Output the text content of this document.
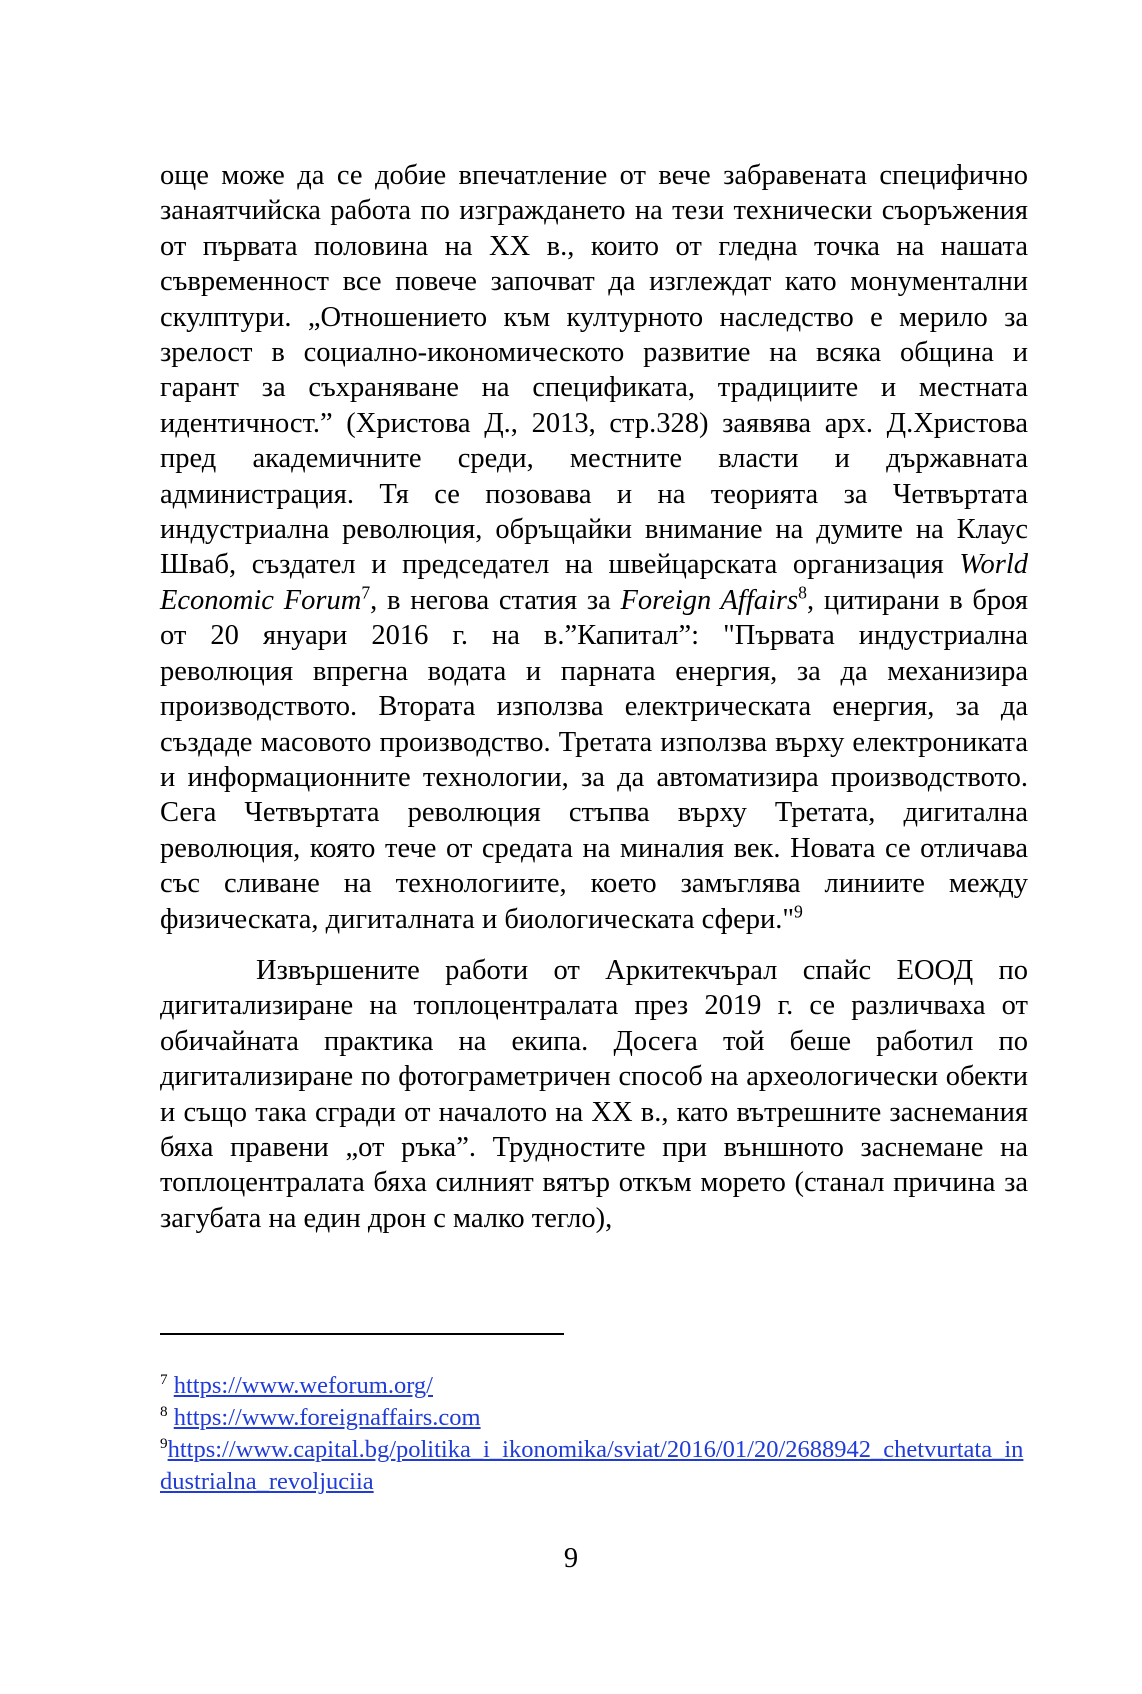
още може да се добие впечатление от вече забравената специфично занаятчийска работа по изграждането на тези технически съоръжения от първата половина на XX в., които от гледна точка на нашата съвременност все повече започват да изглеждат като монументални скулптури. „Отношението към културното наследство е мерило за зрелост в социално-икономическото развитие на всяка община и гарант за съхраняване на спецификата, традициите и местната идентичност.” (Христова Д., 2013, стр.328) заявява арх. Д.Христова пред академичните среди, местните власти и държавната администрация. Тя се позовава и на теорията за Четвъртата индустриална революция, обръщайки внимание на думите на Клаус Шваб, създател и председател на швейцарската организация World Economic Forum$^7$, в негова статия за Foreign Affairs$^8$, цитирани в броя от 20 януари 2016 г. на в.”Капитал”: "Първата индустриална революция впрегна водата и парната енергия, за да механизира производството. Втората използва електрическата енергия, за да създаде масовото производство. Третата използва върху електрониката и информационните технологии, за да автоматизира производството. Сега Четвъртата революция стъпва върху Третата, дигитална революция, която тече от средата на миналия век. Новата се отличава със сливане на технологиите, което замъглява линиите между физическата, дигиталната и биологическата сфери."$^9$

Извършените работи от Аркитекчърал спайс ЕООД по дигитализиране на топлоцентралата през 2019 г. се различваха от обичайната практика на екипа. Досега той беше работил по дигитализиране по фотограметричен способ на археологически обекти и също така сгради от началото на XX в., като вътрешните заснемания бяха правени „от ръка”. Трудностите при външното заснемане на топлоцентралата бяха силният вятър откъм морето (станал причина за загубата на един дрон с малко тегло),

$^7$ https://www.weforum.org/

$^8$ https://www.foreignaffairs.com

$^9$https://www.capital.bg/politika_i_ikonomika/sviat/2016/01/20/2688942_chetvurtata_industrialna_revoljuciia

9
